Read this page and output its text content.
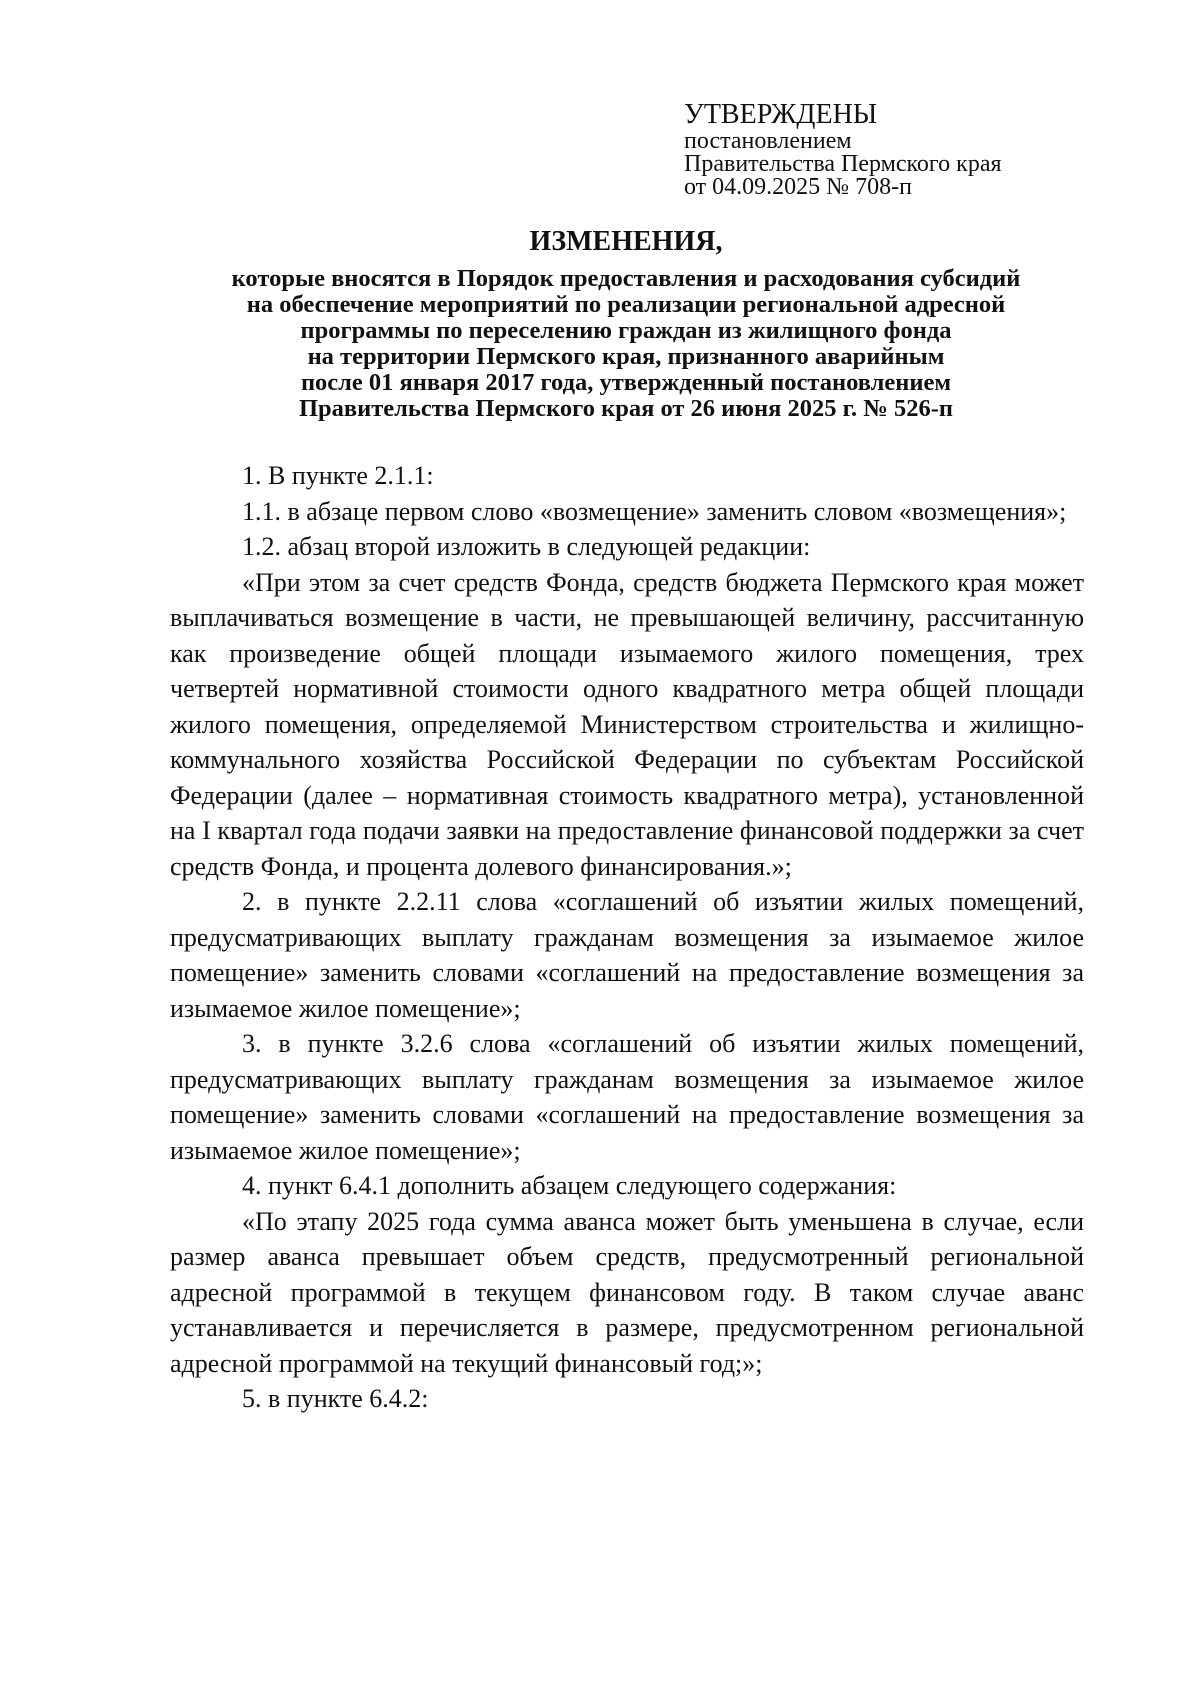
УТВЕРЖДЕНЫ
постановлением
Правительства Пермского края
от 04.09.2025 № 708-п
ИЗМЕНЕНИЯ,
которые вносятся в Порядок предоставления и расходования субсидий
на обеспечение мероприятий по реализации региональной адресной
программы по переселению граждан из жилищного фонда
на территории Пермского края, признанного аварийным
после 01 января 2017 года, утвержденный постановлением
Правительства Пермского края от 26 июня 2025 г. № 526-п

1. В пункте 2.1.1:

1.1. в абзаце первом слово «возмещение» заменить словом «возмещения»;

1.2. абзац второй изложить в следующей редакции:

«При этом за счет средств Фонда, средств бюджета Пермского края может выплачиваться возмещение в части, не превышающей величину, рассчитанную как произведение общей площади изымаемого жилого помещения, трех четвертей нормативной стоимости одного квадратного метра общей площади жилого помещения, определяемой Министерством строительства и жилищно-коммунального хозяйства Российской Федерации по субъектам Российской Федерации (далее – нормативная стоимость квадратного метра), установленной на I квартал года подачи заявки на предоставление финансовой поддержки за счет средств Фонда, и процента долевого финансирования.»;

2. в пункте 2.2.11 слова «соглашений об изъятии жилых помещений, предусматривающих выплату гражданам возмещения за изымаемое жилое помещение» заменить словами «соглашений на предоставление возмещения за изымаемое жилое помещение»;

3. в пункте 3.2.6 слова «соглашений об изъятии жилых помещений, предусматривающих выплату гражданам возмещения за изымаемое жилое помещение» заменить словами «соглашений на предоставление возмещения за изымаемое жилое помещение»;

4. пункт 6.4.1 дополнить абзацем следующего содержания:

«По этапу 2025 года сумма аванса может быть уменьшена в случае, если размер аванса превышает объем средств, предусмотренный региональной адресной программой в текущем финансовом году. В таком случае аванс устанавливается и перечисляется в размере, предусмотренном региональной адресной программой на текущий финансовый год;»;

5. в пункте 6.4.2:
